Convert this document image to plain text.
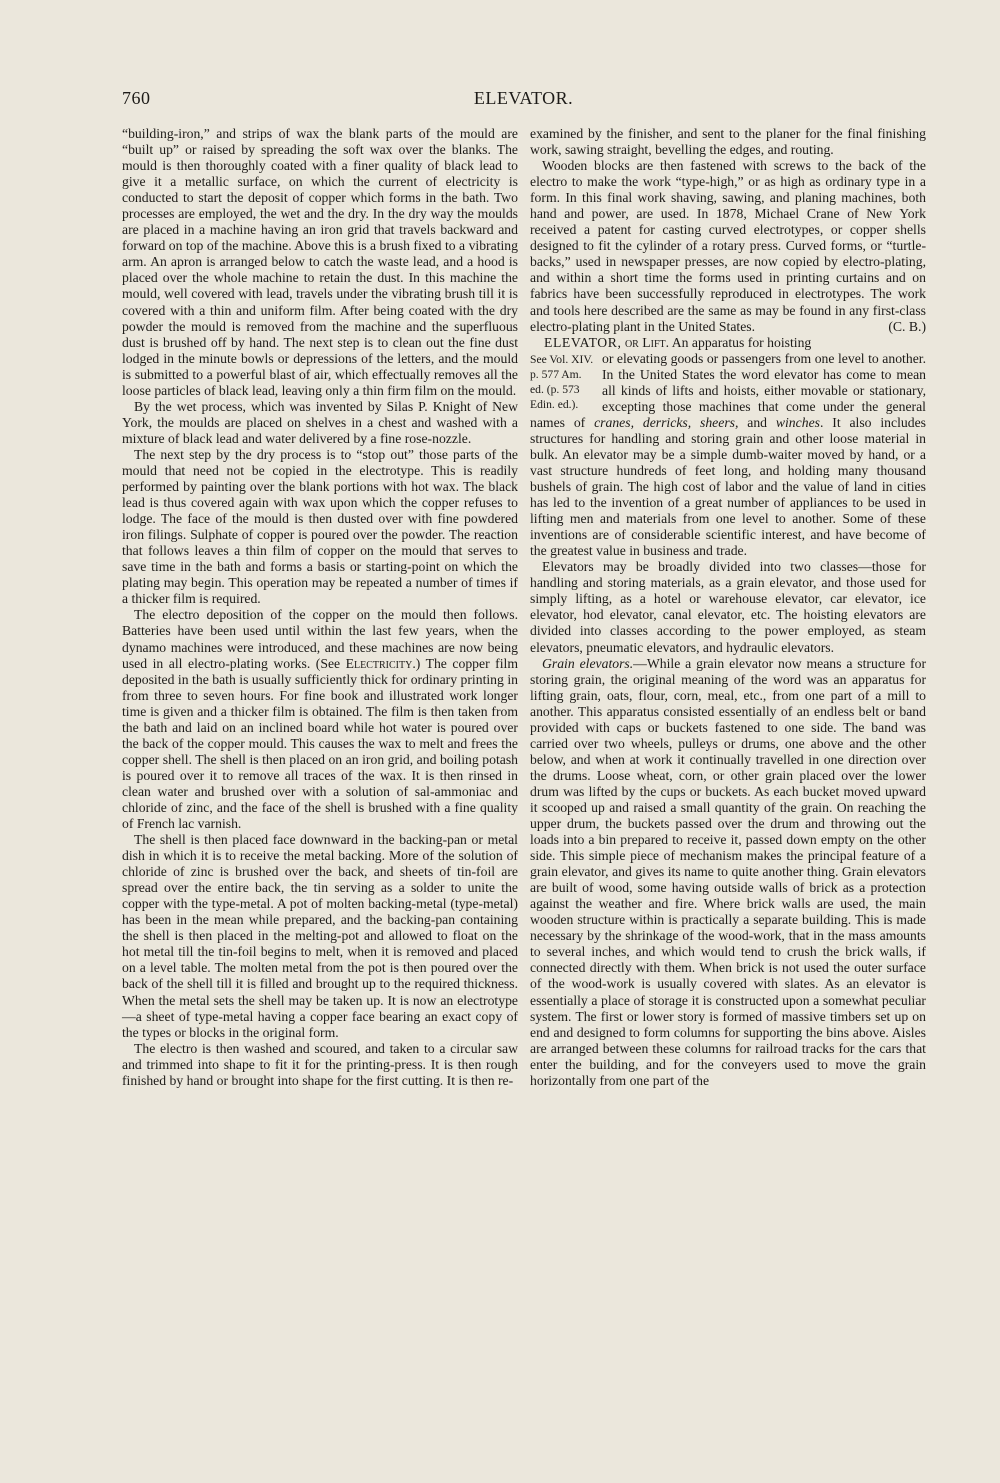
760	ELEVATOR.

“building-iron,” and strips of wax the blank parts of the mould are “built up” or raised by spreading the soft wax over the blanks. The mould is then thoroughly coated with a finer quality of black lead to give it a metallic surface, on which the current of electricity is conducted to start the deposit of copper which forms in the bath. Two processes are employed, the wet and the dry. In the dry way the moulds are placed in a machine having an iron grid that travels backward and forward on top of the machine. Above this is a brush fixed to a vibrating arm. An apron is arranged below to catch the waste lead, and a hood is placed over the whole machine to retain the dust. In this machine the mould, well covered with lead, travels under the vibrating brush till it is covered with a thin and uniform film. After being coated with the dry powder the mould is removed from the machine and the superfluous dust is brushed off by hand. The next step is to clean out the fine dust lodged in the minute bowls or depressions of the letters, and the mould is submitted to a powerful blast of air, which effectually removes all the loose particles of black lead, leaving only a thin firm film on the mould.

By the wet process, which was invented by Silas P. Knight of New York, the moulds are placed on shelves in a chest and washed with a mixture of black lead and water delivered by a fine rose-nozzle.

The next step by the dry process is to “stop out” those parts of the mould that need not be copied in the electrotype. This is readily performed by painting over the blank portions with hot wax. The black lead is thus covered again with wax upon which the copper refuses to lodge. The face of the mould is then dusted over with fine powdered iron filings. Sulphate of copper is poured over the powder. The reaction that follows leaves a thin film of copper on the mould that serves to save time in the bath and forms a basis or starting-point on which the plating may begin. This operation may be repeated a number of times if a thicker film is required.

The electro deposition of the copper on the mould then follows. Batteries have been used until within the last few years, when the dynamo machines were introduced, and these machines are now being used in all electro-plating works. (See Electricity.) The copper film deposited in the bath is usually sufficiently thick for ordinary printing in from three to seven hours. For fine book and illustrated work longer time is given and a thicker film is obtained. The film is then taken from the bath and laid on an inclined board while hot water is poured over the back of the copper mould. This causes the wax to melt and frees the copper shell. The shell is then placed on an iron grid, and boiling potash is poured over it to remove all traces of the wax. It is then rinsed in clean water and brushed over with a solution of sal-ammoniac and chloride of zinc, and the face of the shell is brushed with a fine quality of French lac varnish.

The shell is then placed face downward in the backing-pan or metal dish in which it is to receive the metal backing. More of the solution of chloride of zinc is brushed over the back, and sheets of tin-foil are spread over the entire back, the tin serving as a solder to unite the copper with the type-metal. A pot of molten backing-metal (type-metal) has been in the mean while prepared, and the backing-pan containing the shell is then placed in the melting-pot and allowed to float on the hot metal till the tin-foil begins to melt, when it is removed and placed on a level table. The molten metal from the pot is then poured over the back of the shell till it is filled and brought up to the required thickness. When the metal sets the shell may be taken up. It is now an electrotype—a sheet of type-metal having a copper face bearing an exact copy of the types or blocks in the original form.

The electro is then washed and scoured, and taken to a circular saw and trimmed into shape to fit it for the printing-press. It is then rough finished by hand or brought into shape for the first cutting. It is then re-

examined by the finisher, and sent to the planer for the final finishing work, sawing straight, bevelling the edges, and routing.

Wooden blocks are then fastened with screws to the back of the electro to make the work “type-high,” or as high as ordinary type in a form. In this final work shaving, sawing, and planing machines, both hand and power, are used. In 1878, Michael Crane of New York received a patent for casting curved electrotypes, or copper shells designed to fit the cylinder of a rotary press. Curved forms, or “turtle-backs,” used in newspaper presses, are now copied by electro-plating, and within a short time the forms used in printing curtains and on fabrics have been successfully reproduced in electrotypes. The work and tools here described are the same as may be found in any first-class electro-plating plant in the United States.	(C. B.)

ELEVATOR, or Lift. An apparatus for hoisting
See Vol. XIV.
p. 577 Am.
ed. (p. 573
Edin. ed.).
or elevating goods or passengers from one level to another. In the United States the word elevator has come to mean all kinds of lifts and hoists, either movable or stationary, excepting those machines that come under the general names of cranes, derricks, sheers, and winches. It also includes structures for handling and storing grain and other loose material in bulk. An elevator may be a simple dumb-waiter moved by hand, or a vast structure hundreds of feet long, and holding many thousand bushels of grain. The high cost of labor and the value of land in cities has led to the invention of a great number of appliances to be used in lifting men and materials from one level to another. Some of these inventions are of considerable scientific interest, and have become of the greatest value in business and trade.

Elevators may be broadly divided into two classes—those for handling and storing materials, as a grain elevator, and those used for simply lifting, as a hotel or warehouse elevator, car elevator, ice elevator, hod elevator, canal elevator, etc. The hoisting elevators are divided into classes according to the power employed, as steam elevators, pneumatic elevators, and hydraulic elevators.

Grain elevators.—While a grain elevator now means a structure for storing grain, the original meaning of the word was an apparatus for lifting grain, oats, flour, corn, meal, etc., from one part of a mill to another. This apparatus consisted essentially of an endless belt or band provided with caps or buckets fastened to one side. The band was carried over two wheels, pulleys or drums, one above and the other below, and when at work it continually travelled in one direction over the drums. Loose wheat, corn, or other grain placed over the lower drum was lifted by the cups or buckets. As each bucket moved upward it scooped up and raised a small quantity of the grain. On reaching the upper drum, the buckets passed over the drum and throwing out the loads into a bin prepared to receive it, passed down empty on the other side. This simple piece of mechanism makes the principal feature of a grain elevator, and gives its name to quite another thing. Grain elevators are built of wood, some having outside walls of brick as a protection against the weather and fire. Where brick walls are used, the main wooden structure within is practically a separate building. This is made necessary by the shrinkage of the wood-work, that in the mass amounts to several inches, and which would tend to crush the brick walls, if connected directly with them. When brick is not used the outer surface of the wood-work is usually covered with slates. As an elevator is essentially a place of storage it is constructed upon a somewhat peculiar system. The first or lower story is formed of massive timbers set up on end and designed to form columns for supporting the bins above. Aisles are arranged between these columns for railroad tracks for the cars that enter the building, and for the conveyers used to move the grain horizontally from one part of the
